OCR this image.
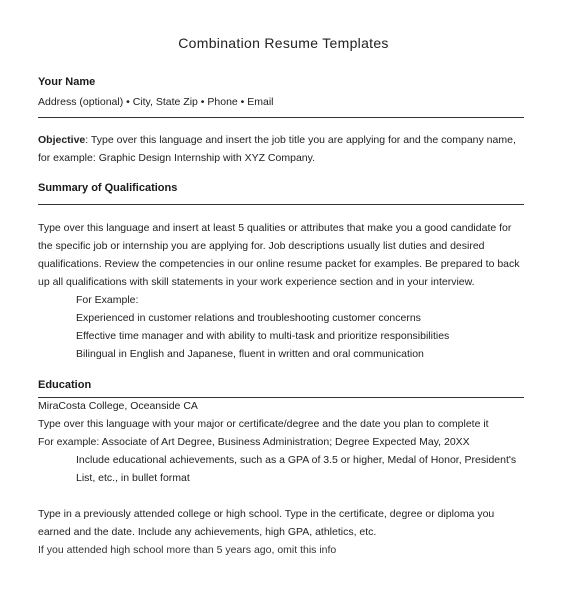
Combination Resume Templates
Your Name
Address (optional) • City, State Zip • Phone • Email
Objective: Type over this language and insert the job title you are applying for and the company name,
for example: Graphic Design Internship with XYZ Company.
Summary of Qualifications
Type over this language and insert at least 5 qualities or attributes that make you a good candidate for
the specific job or internship you are applying for. Job descriptions usually list duties and desired
qualifications. Review the competencies in our online resume packet for examples. Be prepared to back
up all qualifications with skill statements in your work experience section and in your interview.
For Example:
Experienced in customer relations and troubleshooting customer concerns
Effective time manager and with ability to multi-task and prioritize responsibilities
Bilingual in English and Japanese, fluent in written and oral communication
Education
MiraCosta College, Oceanside CA
Type over this language with your major or certificate/degree and the date you plan to complete it
For example: Associate of Art Degree, Business Administration; Degree Expected May, 20XX
Include educational achievements, such as a GPA of 3.5 or higher, Medal of Honor, President's
List, etc., in bullet format
Type in a previously attended college or high school. Type in the certificate, degree or diploma you
earned and the date. Include any achievements, high GPA, athletics, etc.
If you attended high school more than 5 years ago, omit this info
